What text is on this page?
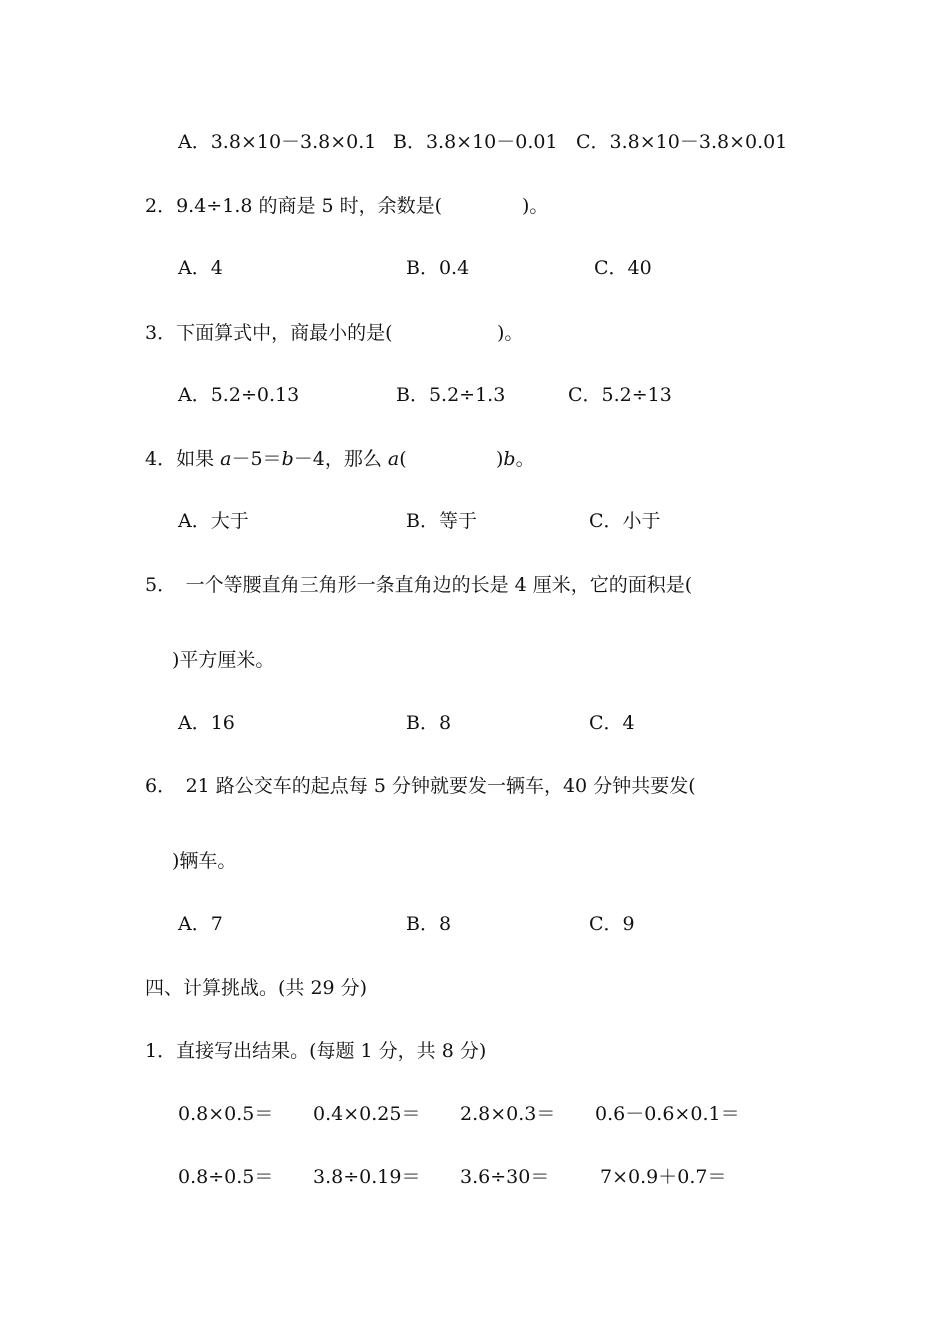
A．3.8×10－3.8×0.1 B．3.8×10－0.01 C．3.8×10－3.8×0.01
2．9.4÷1.8 的商是 5 时，余数是(	)。
A．4	B．0.4	C．40
3．下面算式中，商最小的是(	)。
A．5.2÷0.13	B．5.2÷1.3	C．5.2÷13
4．如果 a－5＝b－4，那么 a(	)b。
A．大于	B．等于	C．小于
5．　一个等腰直角三角形一条直角边的长是 4 厘米，它的面积是(
)平方厘米。
A．16	B．8	C．4
6．　21 路公交车的起点每 5 分钟就要发一辆车，40 分钟共要发(
)辆车。
A．7	B．8	C．9
四、计算挑战。(共 29 分)
1．直接写出结果。(每题 1 分，共 8 分)
0.8×0.5＝ 0.4×0.25＝ 2.8×0.3＝ 0.6－0.6×0.1＝
0.8÷0.5＝ 3.8÷0.19＝ 3.6÷30＝	7×0.9＋0.7＝
